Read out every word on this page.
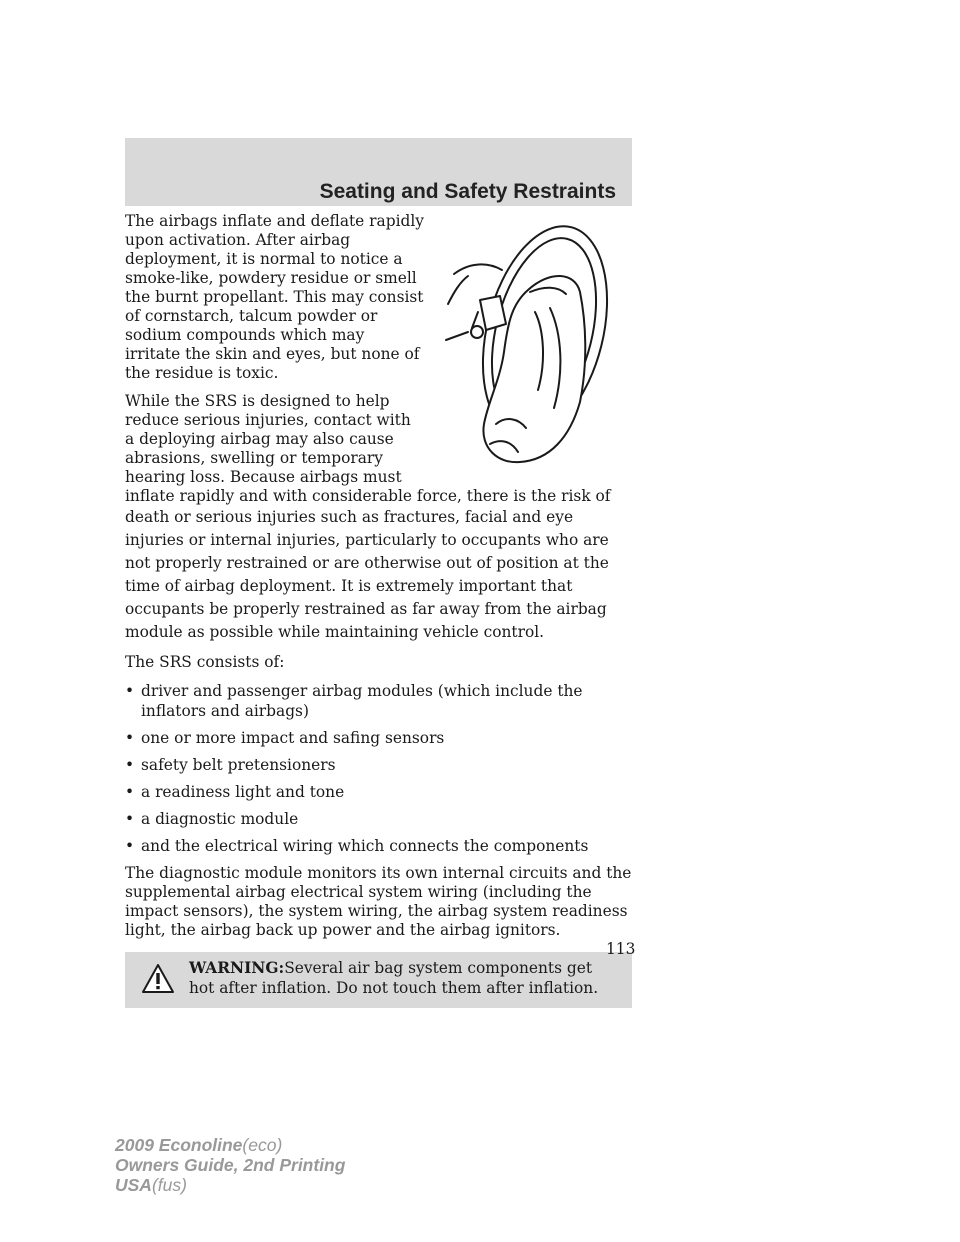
Seating and Safety Restraints

The airbags inflate and deflate rapidly upon activation. After airbag deployment, it is normal to notice a smoke-like, powdery residue or smell the burnt propellant. This may consist of cornstarch, talcum powder or sodium compounds which may irritate the skin and eyes, but none of the residue is toxic.

While the SRS is designed to help reduce serious injuries, contact with a deploying airbag may also cause abrasions, swelling or temporary hearing loss. Because airbags must inflate rapidly and with considerable force, there is the risk of death or serious injuries such as fractures, facial and eye injuries or internal injuries, particularly to occupants who are not properly restrained or are otherwise out of position at the time of airbag deployment. It is extremely important that occupants be properly restrained as far away from the airbag module as possible while maintaining vehicle control.

The SRS consists of:

• driver and passenger airbag modules (which include the inflators and airbags)
• one or more impact and safing sensors
• safety belt pretensioners
• a readiness light and tone
• a diagnostic module
• and the electrical wiring which connects the components

The diagnostic module monitors its own internal circuits and the supplemental airbag electrical system wiring (including the impact sensors), the system wiring, the airbag system readiness light, the airbag back up power and the airbag ignitors.

WARNING:Several air bag system components get hot after inflation. Do not touch them after inflation.
113
2009 Econoline(eco)
Owners Guide, 2nd Printing
USA(fus)
